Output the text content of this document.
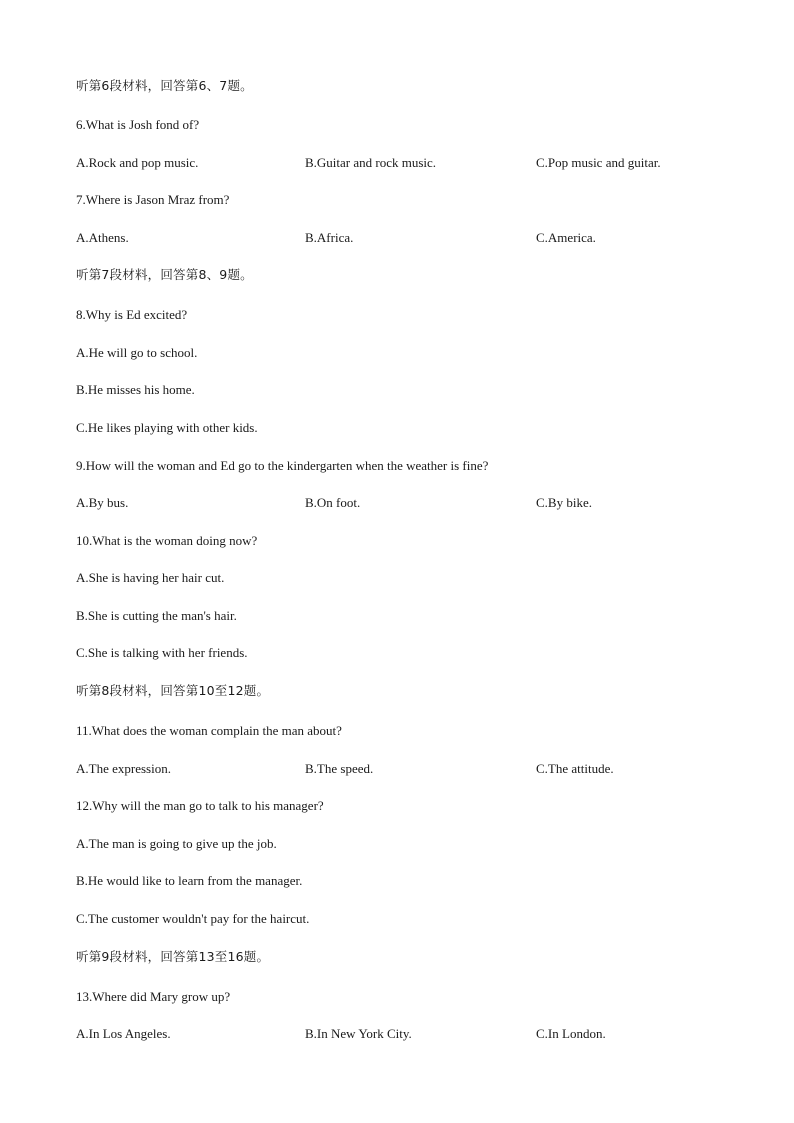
听第6段材料，回答第6、7题。
6.What is Josh fond of?
A.Rock and pop music.	B.Guitar and rock music.	C.Pop music and guitar.
7.Where is Jason Mraz from?
A.Athens.	B.Africa.	C.America.
听第7段材料，回答第8、9题。
8.Why is Ed excited?
A.He will go to school.
B.He misses his home.
C.He likes playing with other kids.
9.How will the woman and Ed go to the kindergarten when the weather is fine?
A.By bus.	B.On foot.	C.By bike.
10.What is the woman doing now?
A.She is having her hair cut.
B.She is cutting the man's hair.
C.She is talking with her friends.
听第8段材料，回答第10至12题。
11.What does the woman complain the man about?
A.The expression.	B.The speed.	C.The attitude.
12.Why will the man go to talk to his manager?
A.The man is going to give up the job.
B.He would like to learn from the manager.
C.The customer wouldn't pay for the haircut.
听第9段材料，回答第13至16题。
13.Where did Mary grow up?
A.In Los Angeles.	B.In New York City.	C.In London.
